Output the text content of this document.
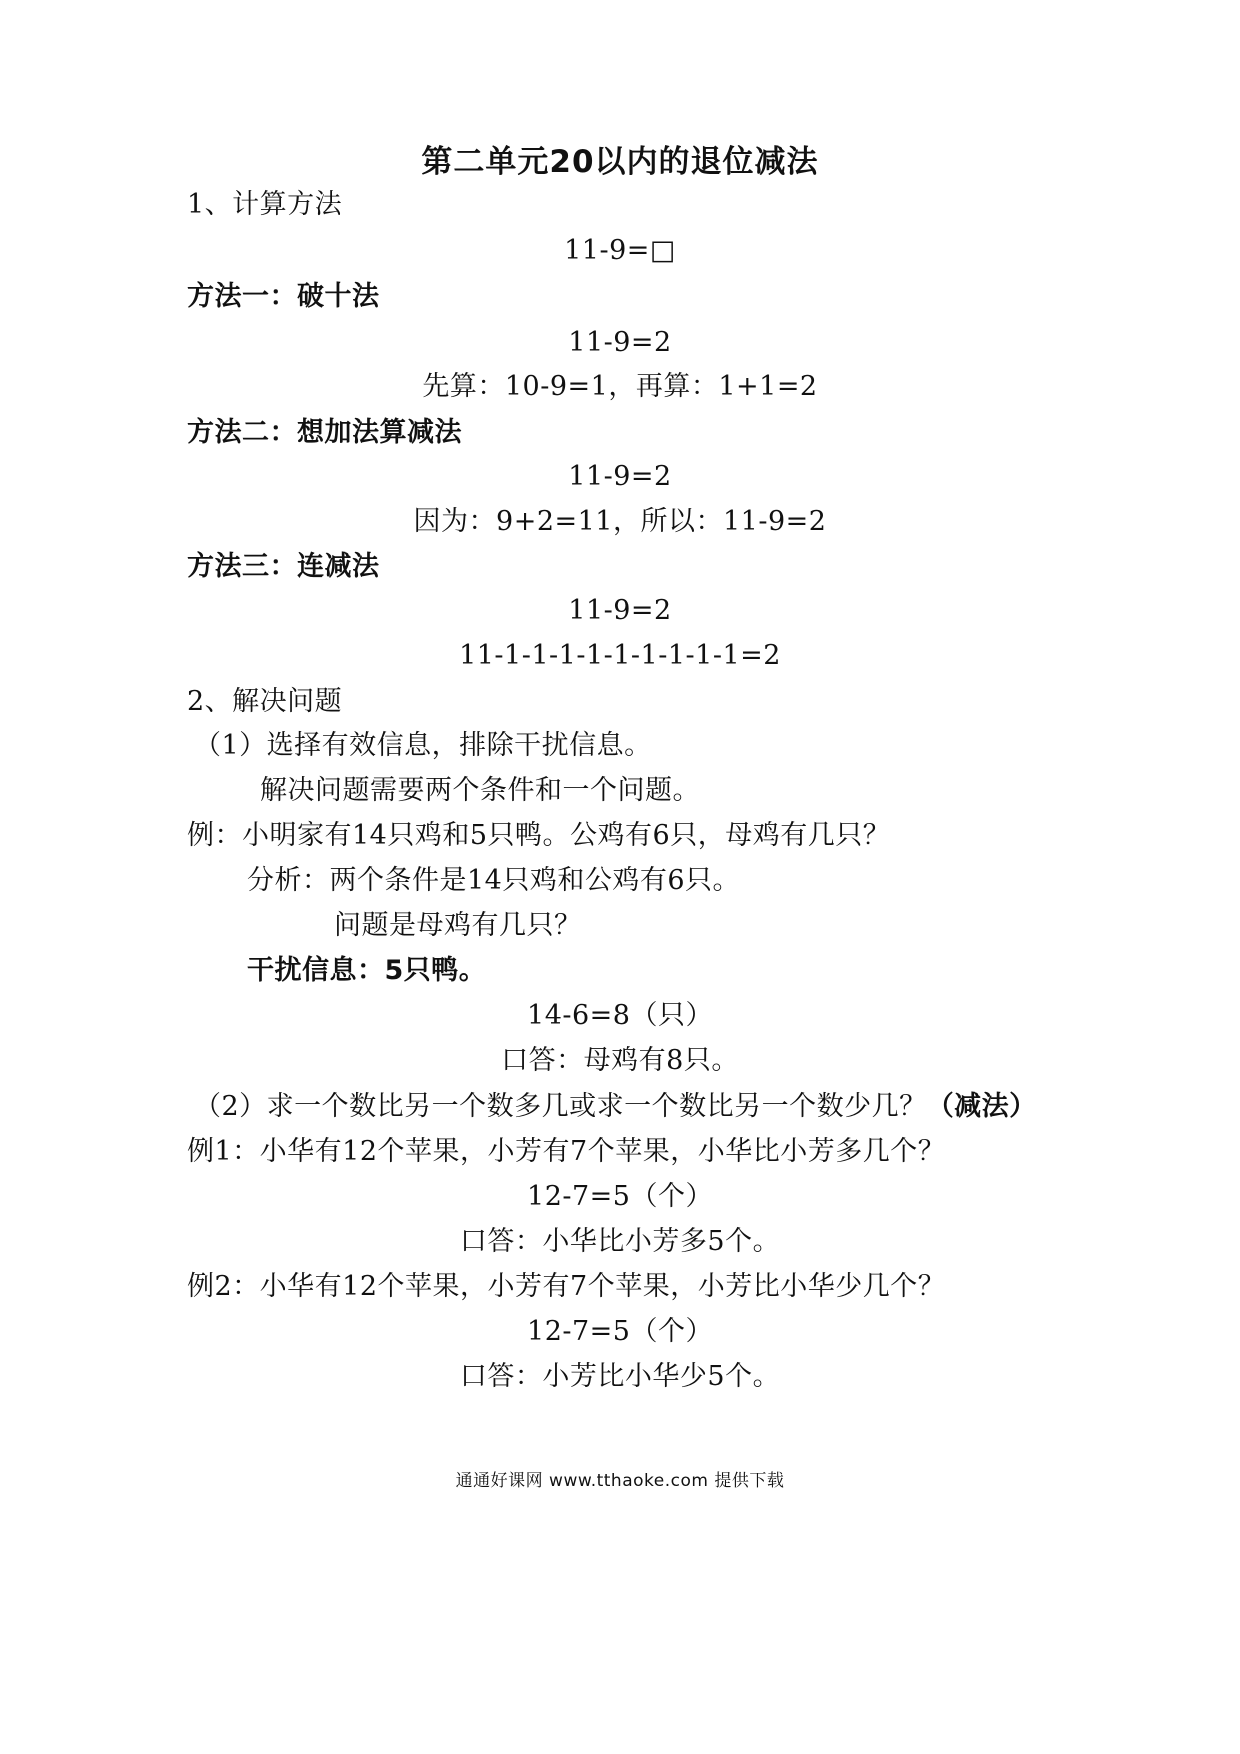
第二单元20以内的退位减法
1、计算方法
11-9=□
方法一：破十法
11-9=2
先算：10-9=1，再算：1+1=2
方法二：想加法算减法
11-9=2
因为：9+2=11，所以：11-9=2
方法三：连减法
11-9=2
11-1-1-1-1-1-1-1-1-1=2
2、解决问题
（1）选择有效信息，排除干扰信息。
解决问题需要两个条件和一个问题。
例：小明家有14只鸡和5只鸭。公鸡有6只，母鸡有几只？
分析：两个条件是14只鸡和公鸡有6只。
问题是母鸡有几只？
干扰信息：5只鸭。
14-6=8（只）
口答：母鸡有8只。
（2）求一个数比另一个数多几或求一个数比另一个数少几？（减法）
例1：小华有12个苹果，小芳有7个苹果，小华比小芳多几个？
12-7=5（个）
口答：小华比小芳多5个。
例2：小华有12个苹果，小芳有7个苹果，小芳比小华少几个？
12-7=5（个）
口答：小芳比小华少5个。
通通好课网 www.tthaoke.com 提供下载
